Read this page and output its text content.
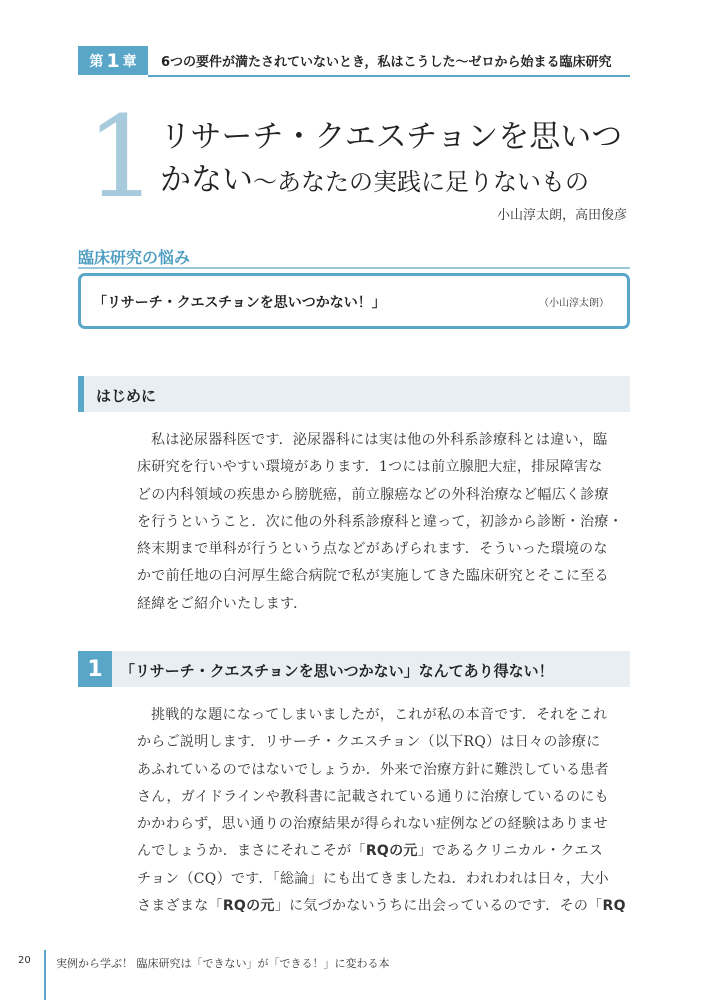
第 1 章 6つの要件が満たされていないとき，私はこうした～ゼロから始まる臨床研究
1 リサーチ・クエスチョンを思いつ
かない～あなたの実践に足りないもの
小山淳太朗，高田俊彦
臨床研究の悩み
「リサーチ・クエスチョンを思いつかない！」	（小山淳太朗）
はじめに
私は泌尿器科医です．泌尿器科には実は他の外科系診療科とは違い，臨
床研究を行いやすい環境があります．1つには前立腺肥大症，排尿障害な
どの内科領域の疾患から膀胱癌，前立腺癌などの外科治療など幅広く診療
を行うということ．次に他の外科系診療科と違って，初診から診断・治療・
終末期まで単科が行うという点などがあげられます．そういった環境のな
かで前任地の白河厚生総合病院で私が実施してきた臨床研究とそこに至る
経緯をご紹介いたします．
1	「リサーチ・クエスチョンを思いつかない」なんてあり得ない！
挑戦的な題になってしまいましたが，これが私の本音です．それをこれ
からご説明します．リサーチ・クエスチョン（以下RQ）は日々の診療に
あふれているのではないでしょうか．外来で治療方針に難渋している患者
さん，ガイドラインや教科書に記載されている通りに治療しているのにも
かかわらず，思い通りの治療結果が得られない症例などの経験はありませ
んでしょうか．まさにそれこそが「RQの元」であるクリニカル・クエス
チョン（CQ）です．「総論」にも出てきましたね．われわれは日々，大小
さまざまな「RQの元」に気づかないうちに出会っているのです．その「RQ
20 実例から学ぶ！ 臨床研究は「できない」が「できる！」に変わる本
